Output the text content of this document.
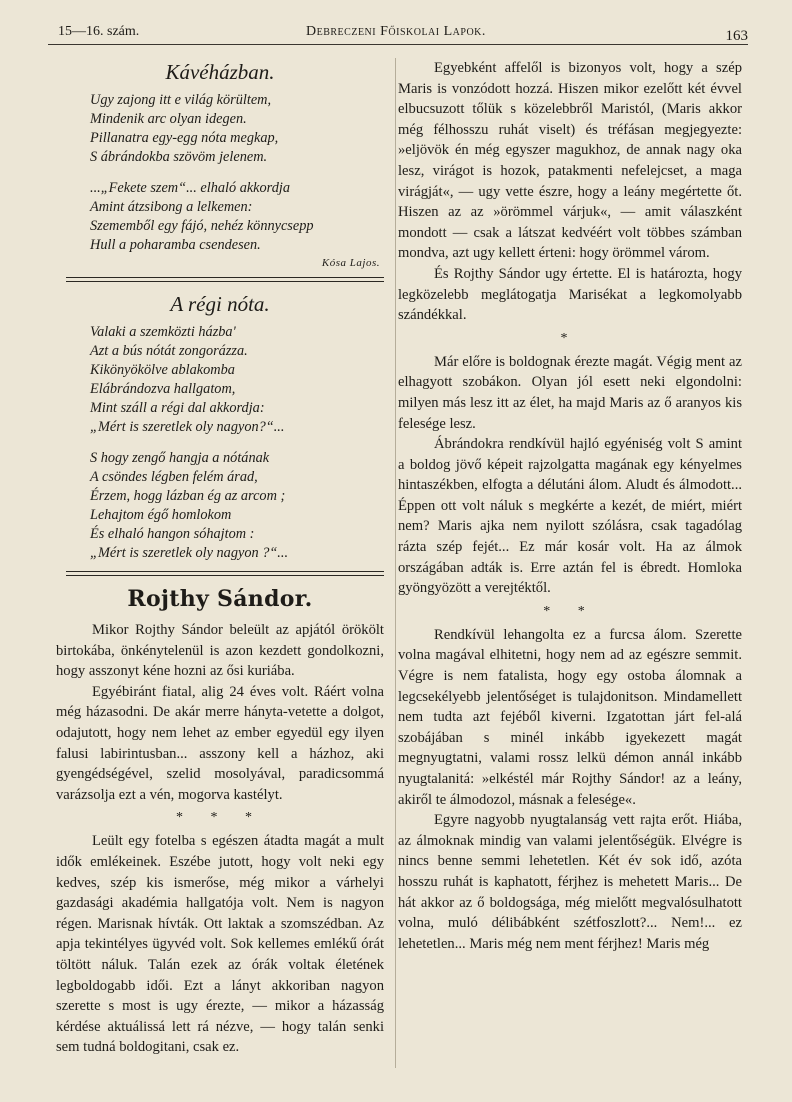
15—16. szám.	Debreczeni Főiskolai Lapok.	163
Kávéházban.
Ugy zajong itt e világ körültem,
Mindenik arc olyan idegen.
Pillanatra egy-egg nóta megkap,
S ábrándokba szövöm jelenem.
...„Fekete szem“... elhaló akkordja
Amint átzsibong a lelkemen:
Szememből egy fájó, nehéz könnycsepp
Hull a poharamba csendesen.
Kósa Lajos.
A régi nóta.
Valaki a szemközti házba'
Azt a bús nótát zongorázza.
Kikönyökölve ablakomba
Elábrándozva hallgatom,
Mint száll a régi dal akkordja:
„Mért is szeretlek oly nagyon?“...
S hogy zengő hangja a nótának
A csöndes légben felém árad,
Érzem, hogg lázban ég az arcom ;
Lehajtom égő homlokom
És elhaló hangon sóhajtom :
„Mért is szeretlek oly nagyon ?“...
Rojthy Sándor.

Mikor Rojthy Sándor beleült az apjától örökölt birtokába, önkénytelenül is azon kezdett gondolkozni, hogy asszonyt kéne hozni az ősi kuriába.

Egyébiránt fiatal, alig 24 éves volt. Ráért volna még házasodni. De akár merre hányta-vetette a dolgot, odajutott, hogy nem lehet az ember egyedül egy ilyen falusi labirintusban... asszony kell a házhoz, aki gyengédségével, szelid mosolyával, paradicsommá varázsolja ezt a vén, mogorva kastélyt.

* * *

Leült egy fotelba s egészen átadta magát a mult idők emlékeinek. Eszébe jutott, hogy volt neki egy kedves, szép kis ismerőse, még mikor a várhelyi gazdasági akadémia hallgatója volt. Nem is nagyon régen. Marisnak hívták. Ott laktak a szomszédban. Az apja tekintélyes ügyvéd volt. Sok kellemes emlékű órát töltött náluk. Talán ezek az órák voltak életének legboldogabb idői. Ezt a lányt akkoriban nagyon szerette s most is ugy érezte, — mikor a házasság kérdése aktuálissá lett rá nézve, — hogy talán senki sem tudná boldogitani, csak ez.

Egyebként affelől is bizonyos volt, hogy a szép Maris is vonzódott hozzá. Hiszen mikor ezelőtt két évvel elbucsuzott tőlük s közelebbről Maristól, (Maris akkor még félhosszu ruhát viselt) és tréfásan megjegyezte: »eljövök én még egyszer magukhoz, de annak nagy oka lesz, virágot is hozok, patakmenti nefelejcset, a maga virágját«, — ugy vette észre, hogy a leány megértette őt. Hiszen az az »örömmel várjuk«, — amit válaszként mondott — csak a látszat kedvéért volt többes számban mondva, azt ugy kellett érteni: hogy örömmel várom.

És Rojthy Sándor ugy értette. El is határozta, hogy legközelebb meglátogatja Marisékat a legkomolyabb szándékkal.

*

Már előre is boldognak érezte magát. Végig ment az elhagyott szobákon. Olyan jól esett neki elgondolni: milyen más lesz itt az élet, ha majd Maris az ő aranyos kis felesége lesz.

Ábrándokra rendkívül hajló egyéniség volt S amint a boldog jövő képeit rajzolgatta magának egy kényelmes hintaszékben, elfogta a délutáni álom. Aludt és álmodott... Éppen ott volt náluk s megkérte a kezét, de miért, miért nem? Maris ajka nem nyilott szólásra, csak tagadólag rázta szép fejét... Ez már kosár volt. Ha az álmok országában adták is. Erre aztán fel is ébredt. Homloka gyöngyözött a verejtéktől.

* *

Rendkívül lehangolta ez a furcsa álom. Szerette volna magával elhitetni, hogy nem ad az egészre semmit. Végre is nem fatalista, hogy egy ostoba álomnak a legcsekélyebb jelentőséget is tulajdonitson. Mindamellett nem tudta azt fejéből kiverni. Izgatottan járt fel-alá szobájában s minél inkább igyekezett magát megnyugtatni, valami rossz lelkü démon annál inkább nyugtalanitá: »elkéstél már Rojthy Sándor! az a leány, akiről te álmodozol, másnak a felesége«.

Egyre nagyobb nyugtalanság vett rajta erőt. Hiába, az álmoknak mindig van valami jelentőségük. Elvégre is nincs benne semmi lehetetlen. Két év sok idő, azóta hosszu ruhát is kaphatott, férjhez is mehetett Maris... De hát akkor az ő boldogsága, még mielőtt megvalósulhatott volna, muló délibábként szétfoszlott?... Nem!... ez lehetetlen... Maris még nem ment férjhez! Maris még
